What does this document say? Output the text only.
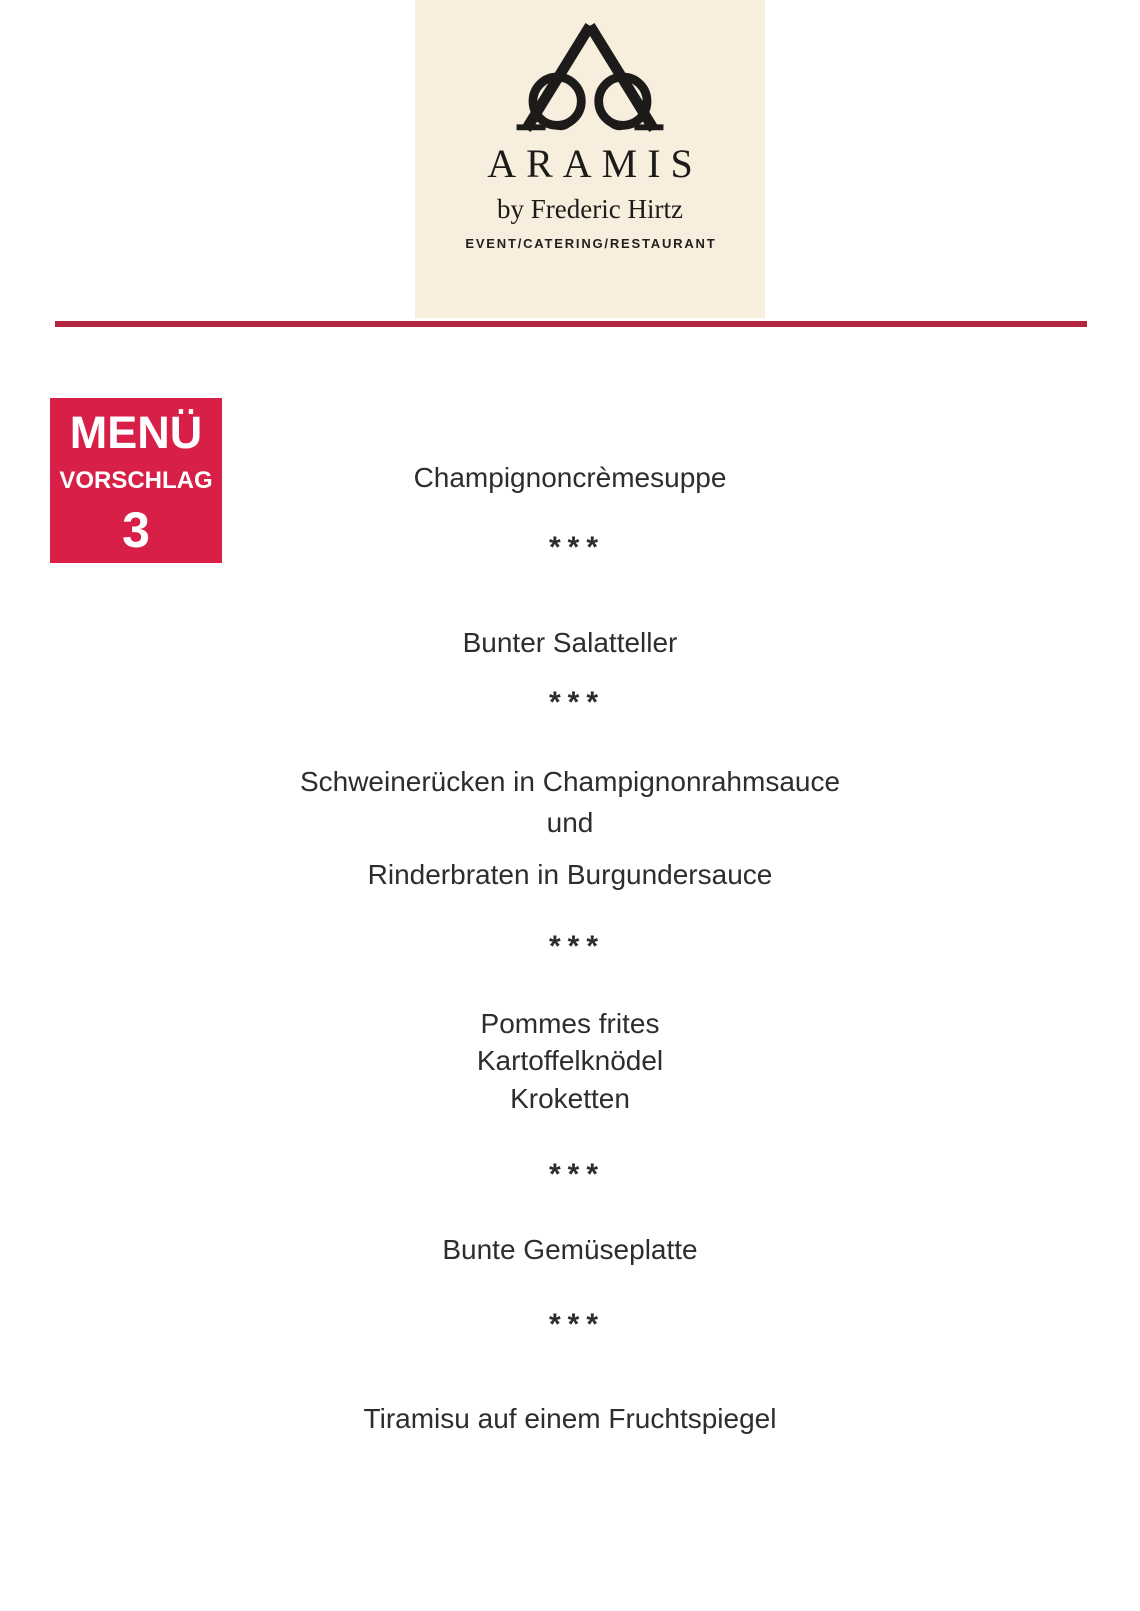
ARAMIS
by Frederic Hirtz
EVENT/CATERING/RESTAURANT
MENÜ
VORSCHLAG
3
Champignoncrèmesuppe
***
Bunter Salatteller
***
Schweinerücken in Champignonrahmsauce
und
Rinderbraten in Burgundersauce
***
Pommes frites
Kartoffelknödel
Kroketten
***
Bunte Gemüseplatte
***
Tiramisu auf einem Fruchtspiegel
